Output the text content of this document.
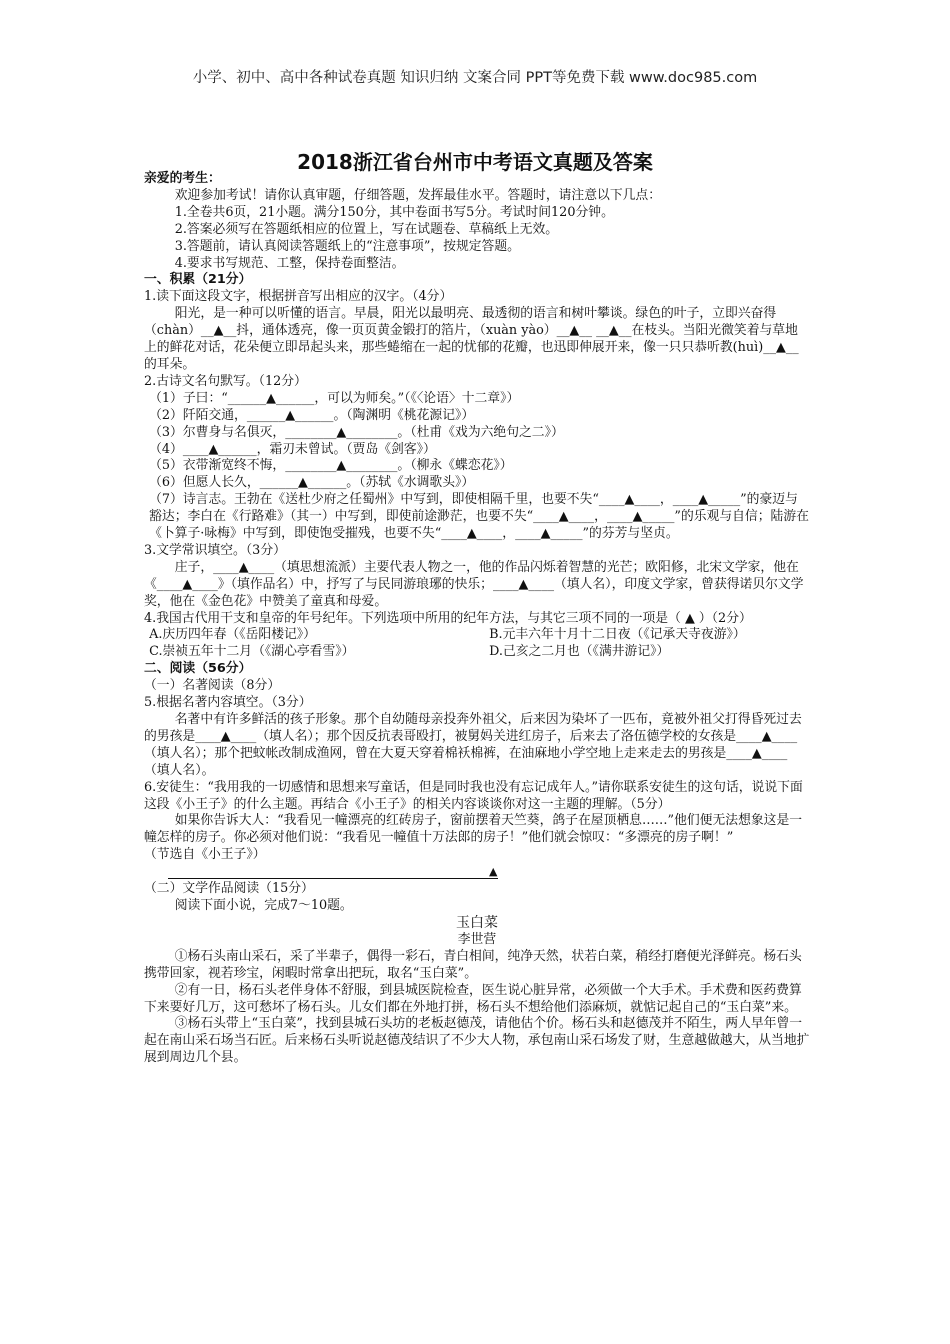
小学、初中、高中各种试卷真题 知识归纳 文案合同 PPT等免费下载 www.doc985.com
2018浙江省台州市中考语文真题及答案

亲爱的考生：

欢迎参加考试！请你认真审题，仔细答题，发挥最佳水平。答题时，请注意以下几点：

1.全卷共6页，21小题。满分150分，其中卷面书写5分。考试时间120分钟。

2.答案必须写在答题纸相应的位置上，写在试题卷、草稿纸上无效。

3.答题前，请认真阅读答题纸上的“注意事项”，按规定答题。

4.要求书写规范、工整，保持卷面整洁。

一、积累（21分）

1.读下面这段文字，根据拼音写出相应的汉字。（4分）

阳光，是一种可以听懂的语言。早晨，阳光以最明亮、最透彻的语言和树叶攀谈。绿色的叶子，立即兴奋得（chàn）__▲__抖，通体透亮，像一页页黄金锻打的箔片，（xuàn yào）__▲__ __▲__在枝头。当阳光微笑着与草地上的鲜花对话，花朵便立即昂起头来，那些蜷缩在一起的忧郁的花瓣，也迅即伸展开来，像一只只恭听教(huì)__▲__的耳朵。

2.古诗文名句默写。（12分）

（1）子曰：“______▲______，可以为师矣。”（《〈论语〉十二章》）

（2）阡陌交通，______▲______。（陶渊明《桃花源记》）

（3）尔曹身与名俱灭，________▲________。（杜甫《戏为六绝句之二》）

（4）____▲______，霜刃未曾试。（贾岛《剑客》）

（5）衣带渐宽终不悔，________▲________。（柳永《蝶恋花》）

（6）但愿人长久，______▲______。（苏轼《水调歌头》）

（7）诗言志。王勃在《送杜少府之任蜀州》中写到，即使相隔千里，也要不失“____▲____，____▲_____”的豪迈与豁达；李白在《行路难》（其一）中写到，即使前途渺茫，也要不失“____▲____，____▲_____”的乐观与自信；陆游在《卜算子·咏梅》中写到，即使饱受摧残，也要不失“____▲____，____▲_____”的芬芳与坚贞。

3.文学常识填空。（3分）

庄子，____▲____（填思想流派）主要代表人物之一，他的作品闪烁着智慧的光芒；欧阳修，北宋文学家，他在《____▲____》（填作品名）中，抒写了与民同游琅琊的快乐；____▲____（填人名），印度文学家，曾获得诺贝尔文学奖，他在《金色花》中赞美了童真和母爱。

4.我国古代用干支和皇帝的年号纪年。下列选项中所用的纪年方法，与其它三项不同的一项是（ ▲ ）（2分）

A.庆历四年春（《岳阳楼记》）	B.元丰六年十月十二日夜（《记承天寺夜游》）
C.崇祯五年十二月（《湖心亭看雪》）	D.己亥之二月也（《满井游记》）

二、阅读（56分）

（一）名著阅读（8分）

5.根据名著内容填空。（3分）

名著中有许多鲜活的孩子形象。那个自幼随母亲投奔外祖父，后来因为染坏了一匹布，竟被外祖父打得昏死过去的男孩是____▲____（填人名）；那个因反抗表哥殴打，被舅妈关进红房子，后来去了洛伍德学校的女孩是____▲____（填人名）；那个把蚊帐改制成渔网，曾在大夏天穿着棉袄棉裤，在油麻地小学空地上走来走去的男孩是____▲____（填人名）。

6.安徒生：“我用我的一切感情和思想来写童话，但是同时我也没有忘记成年人。”请你联系安徒生的这句话，说说下面这段《小王子》的什么主题。再结合《小王子》的相关内容谈谈你对这一主题的理解。（5分）

如果你告诉大人：“我看见一幢漂亮的红砖房子，窗前摆着天竺葵，鸽子在屋顶栖息……”他们便无法想象这是一幢怎样的房子。你必须对他们说：“我看见一幢值十万法郎的房子！”他们就会惊叹：“多漂亮的房子啊！”

（节选自《小王子》）

▲

（二）文学作品阅读（15分）

阅读下面小说，完成7～10题。

玉白菜

李世营

①杨石头南山采石，采了半辈子，偶得一彩石，青白相间，纯净天然，状若白菜，稍经打磨便光泽鲜亮。杨石头携带回家，视若珍宝，闲暇时常拿出把玩，取名“玉白菜”。

②有一日，杨石头老伴身体不舒服，到县城医院检查，医生说心脏异常，必须做一个大手术。手术费和医药费算下来要好几万，这可愁坏了杨石头。儿女们都在外地打拼，杨石头不想给他们添麻烦，就惦记起自己的“玉白菜”来。

③杨石头带上“玉白菜”，找到县城石头坊的老板赵德茂，请他估个价。杨石头和赵德茂并不陌生，两人早年曾一起在南山采石场当石匠。后来杨石头听说赵德茂结识了不少大人物，承包南山采石场发了财，生意越做越大，从当地扩展到周边几个县。
